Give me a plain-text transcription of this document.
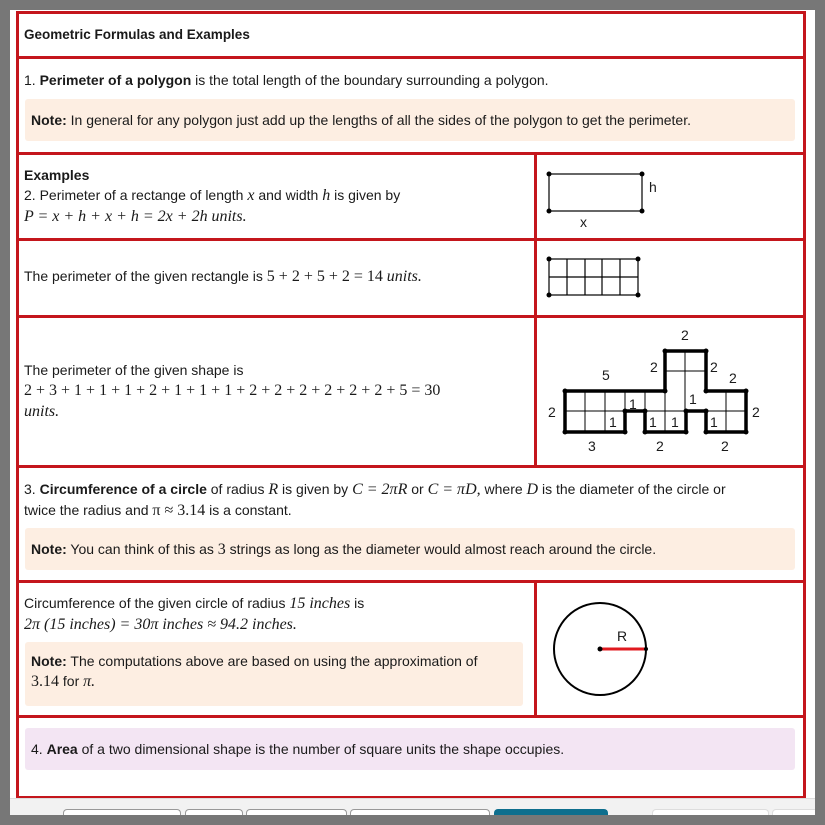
Geometric Formulas and Examples
1. Perimeter of a polygon is the total length of the boundary surrounding a polygon.
Note: In general for any polygon just add up the lengths of all the sides of the polygon to get the perimeter.
Examples
2. Perimeter of a rectange of length x and width h is given by
P = x + h + x + h = 2x + 2h units.	x
h
The perimeter of the given rectangle is 5 + 2 + 5 + 2 = 14 units.
The perimeter of the given shape is
2 + 3 + 1 + 1 + 1 + 2 + 1 + 1 + 1 + 2 + 2 + 2 + 2 + 2 + 2 + 5 = 30
units.
2
2	2
5	2
2	2
3	2	2
1
1
1 1
1
1
3. Circumference of a circle of radius R is given by C = 2πR or C = πD, where D is the diameter of the circle or
twice the radius and π ≈ 3.14 is a constant.
Note: You can think of this as 3 strings as long as the diameter would almost reach around the circle.
Circumference of the given circle of radius 15 inches is
2π (15 inches) = 30π inches ≈ 94.2 inches.
Note: The computations above are based on using the approximation of
3.14 for π.
R
4. Area of a two dimensional shape is the number of square units the shape occupies.
